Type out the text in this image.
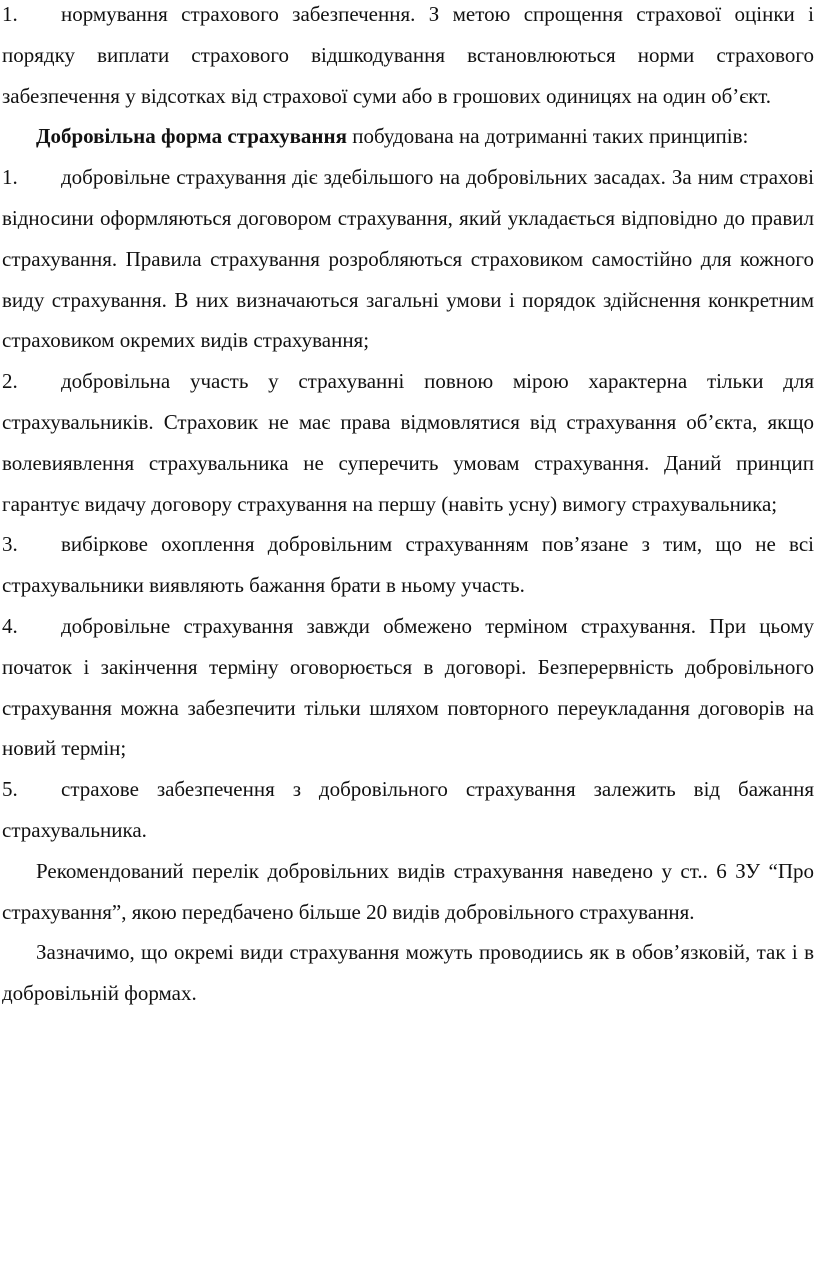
1. нормування страхового забезпечення. З метою спрощення страхової оцінки і порядку виплати страхового відшкодування встановлюються норми страхового забезпечення у відсотках від страхової суми або в грошових одиницях на один об’єкт.

Добровільна форма страхування побудована на дотриманні таких принципів:

1. добровільне страхування діє здебільшого на добровільних засадах. За ним страхові відносини оформляються договором страхування, який укладається відповідно до правил страхування. Правила страхування розробляються страховиком самостійно для кожного виду страхування. В них визначаються загальні умови і порядок здійснення конкретним страховиком окремих видів страхування;

2. добровільна участь у страхуванні повною мірою характерна тільки для страхувальників. Страховик не має права відмовлятися від страхування об’єкта, якщо волевиявлення страхувальника не суперечить умовам страхування. Даний принцип гарантує видачу договору страхування на першу (навіть усну) вимогу страхувальника;

3. вибіркове охоплення добровільним страхуванням пов’язане з тим, що не всі страхувальники виявляють бажання брати в ньому участь.

4. добровільне страхування завжди обмежено терміном страхування. При цьому початок і закінчення терміну оговорюється в договорі. Безперервність добровільного страхування можна забезпечити тільки шляхом повторного переукладання договорів на новий термін;

5. страхове забезпечення з добровільного страхування залежить від бажання страхувальника.

Рекомендований перелік добровільних видів страхування наведено у ст.. 6 ЗУ “Про страхування”, якою передбачено більше 20 видів добровільного страхування.

Зазначимо, що окремі види страхування можуть проводиись як в обов’язковій, так і в добровільній формах.
